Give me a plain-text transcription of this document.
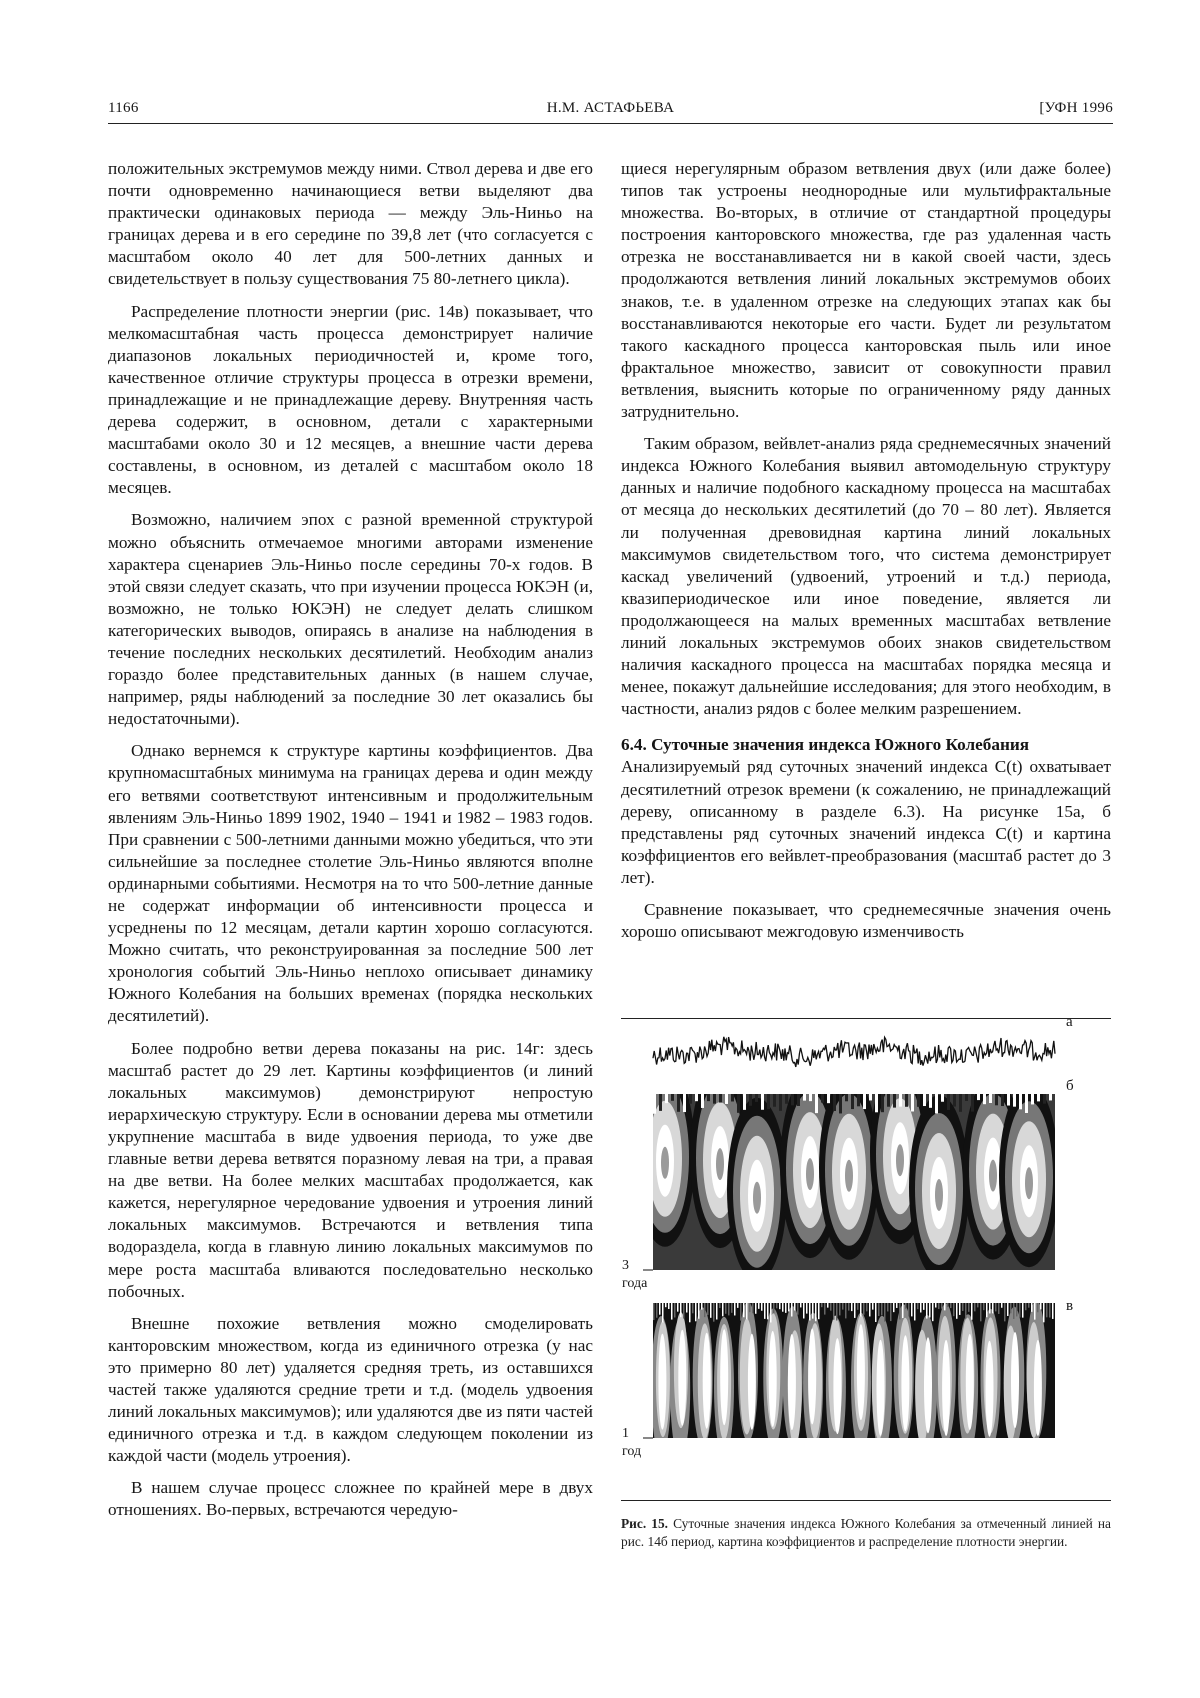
1166	Н.М. АСТАФЬЕВА	[УФН 1996

положительных экстремумов между ними. Ствол дерева и две его почти одновременно начинающиеся ветви выделяют два практически одинаковых периода — между Эль-Ниньо на границах дерева и в его середине по 39,8 лет (что согласуется с масштабом около 40 лет для 500-летних данных и свидетельствует в пользу существования 75 80-летнего цикла).

Распределение плотности энергии (рис. 14в) показывает, что мелкомасштабная часть процесса демонстрирует наличие диапазонов локальных периодичностей и, кроме того, качественное отличие структуры процесса в отрезки времени, принадлежащие и не принадлежащие дереву. Внутренняя часть дерева содержит, в основном, детали с характерными масштабами около 30 и 12 месяцев, а внешние части дерева составлены, в основном, из деталей с масштабом около 18 месяцев.

Возможно, наличием эпох с разной временной структурой можно объяснить отмечаемое многими авторами изменение характера сценариев Эль-Ниньо после середины 70-х годов. В этой связи следует сказать, что при изучении процесса ЮКЭН (и, возможно, не только ЮКЭН) не следует делать слишком категорических выводов, опираясь в анализе на наблюдения в течение последних нескольких десятилетий. Необходим анализ гораздо более представительных данных (в нашем случае, например, ряды наблюдений за последние 30 лет оказались бы недостаточными).

Однако вернемся к структуре картины коэффициентов. Два крупномасштабных минимума на границах дерева и один между его ветвями соответствуют интенсивным и продолжительным явлениям Эль-Ниньо 1899 1902, 1940 – 1941 и 1982 – 1983 годов. При сравнении с 500-летними данными можно убедиться, что эти сильнейшие за последнее столетие Эль-Ниньо являются вполне ординарными событиями. Несмотря на то что 500-летние данные не содержат информации об интенсивности процесса и усреднены по 12 месяцам, детали картин хорошо согласуются. Можно считать, что реконструированная за последние 500 лет хронология событий Эль-Ниньо неплохо описывает динамику Южного Колебания на больших временах (порядка нескольких десятилетий).

Более подробно ветви дерева показаны на рис. 14г: здесь масштаб растет до 29 лет. Картины коэффициентов (и линий локальных максимумов) демонстрируют непростую иерархическую структуру. Если в основании дерева мы отметили укрупнение масштаба в виде удвоения периода, то уже две главные ветви дерева ветвятся поразному левая на три, а правая на две ветви. На более мелких масштабах продолжается, как кажется, нерегулярное чередование удвоения и утроения линий локальных максимумов. Встречаются и ветвления типа водораздела, когда в главную линию локальных максимумов по мере роста масштаба вливаются последовательно несколько побочных.

Внешне похожие ветвления можно смоделировать канторовским множеством, когда из единичного отрезка (у нас это примерно 80 лет) удаляется средняя треть, из оставшихся частей также удаляются средние трети и т.д. (модель удвоения линий локальных максимумов); или удаляются две из пяти частей единичного отрезка и т.д. в каждом следующем поколении из каждой части (модель утроения).

В нашем случае процесс сложнее по крайней мере в двух отношениях. Во-первых, встречаются чередую-

щиеся нерегулярным образом ветвления двух (или даже более) типов так устроены неоднородные или мультифрактальные множества. Во-вторых, в отличие от стандартной процедуры построения канторовского множества, где раз удаленная часть отрезка не восстанавливается ни в какой своей части, здесь продолжаются ветвления линий локальных экстремумов обоих знаков, т.е. в удаленном отрезке на следующих этапах как бы восстанавливаются некоторые его части. Будет ли результатом такого каскадного процесса канторовская пыль или иное фрактальное множество, зависит от совокупности правил ветвления, выяснить которые по ограниченному ряду данных затруднительно.

Таким образом, вейвлет-анализ ряда среднемесячных значений индекса Южного Колебания выявил автомодельную структуру данных и наличие подобного каскадному процесса на масштабах от месяца до нескольких десятилетий (до 70 – 80 лет). Является ли полученная древовидная картина линий локальных максимумов свидетельством того, что система демонстрирует каскад увеличений (удвоений, утроений и т.д.) периода, квазипериодическое или иное поведение, является ли продолжающееся на малых временных масштабах ветвление линий локальных экстремумов обоих знаков свидетельством наличия каскадного процесса на масштабах порядка месяца и менее, покажут дальнейшие исследования; для этого необходим, в частности, анализ рядов с более мелким разрешением.

6.4. Суточные значения индекса Южного Колебания

Анализируемый ряд суточных значений индекса C(t) охватывает десятилетний отрезок времени (к сожалению, не принадлежащий дереву, описанному в разделе 6.3). На рисунке 15а, б представлены ряд суточных значений индекса C(t) и картина коэффициентов его вейвлет-преобразования (масштаб растет до 3 лет).

Сравнение показывает, что среднемесячные значения очень хорошо описывают межгодовую изменчивость

а
б
в
3
года
1
год
Рис. 15. Суточные значения индекса Южного Колебания за отмеченный линией на рис. 14б период, картина коэффициентов и распределение плотности энергии.
